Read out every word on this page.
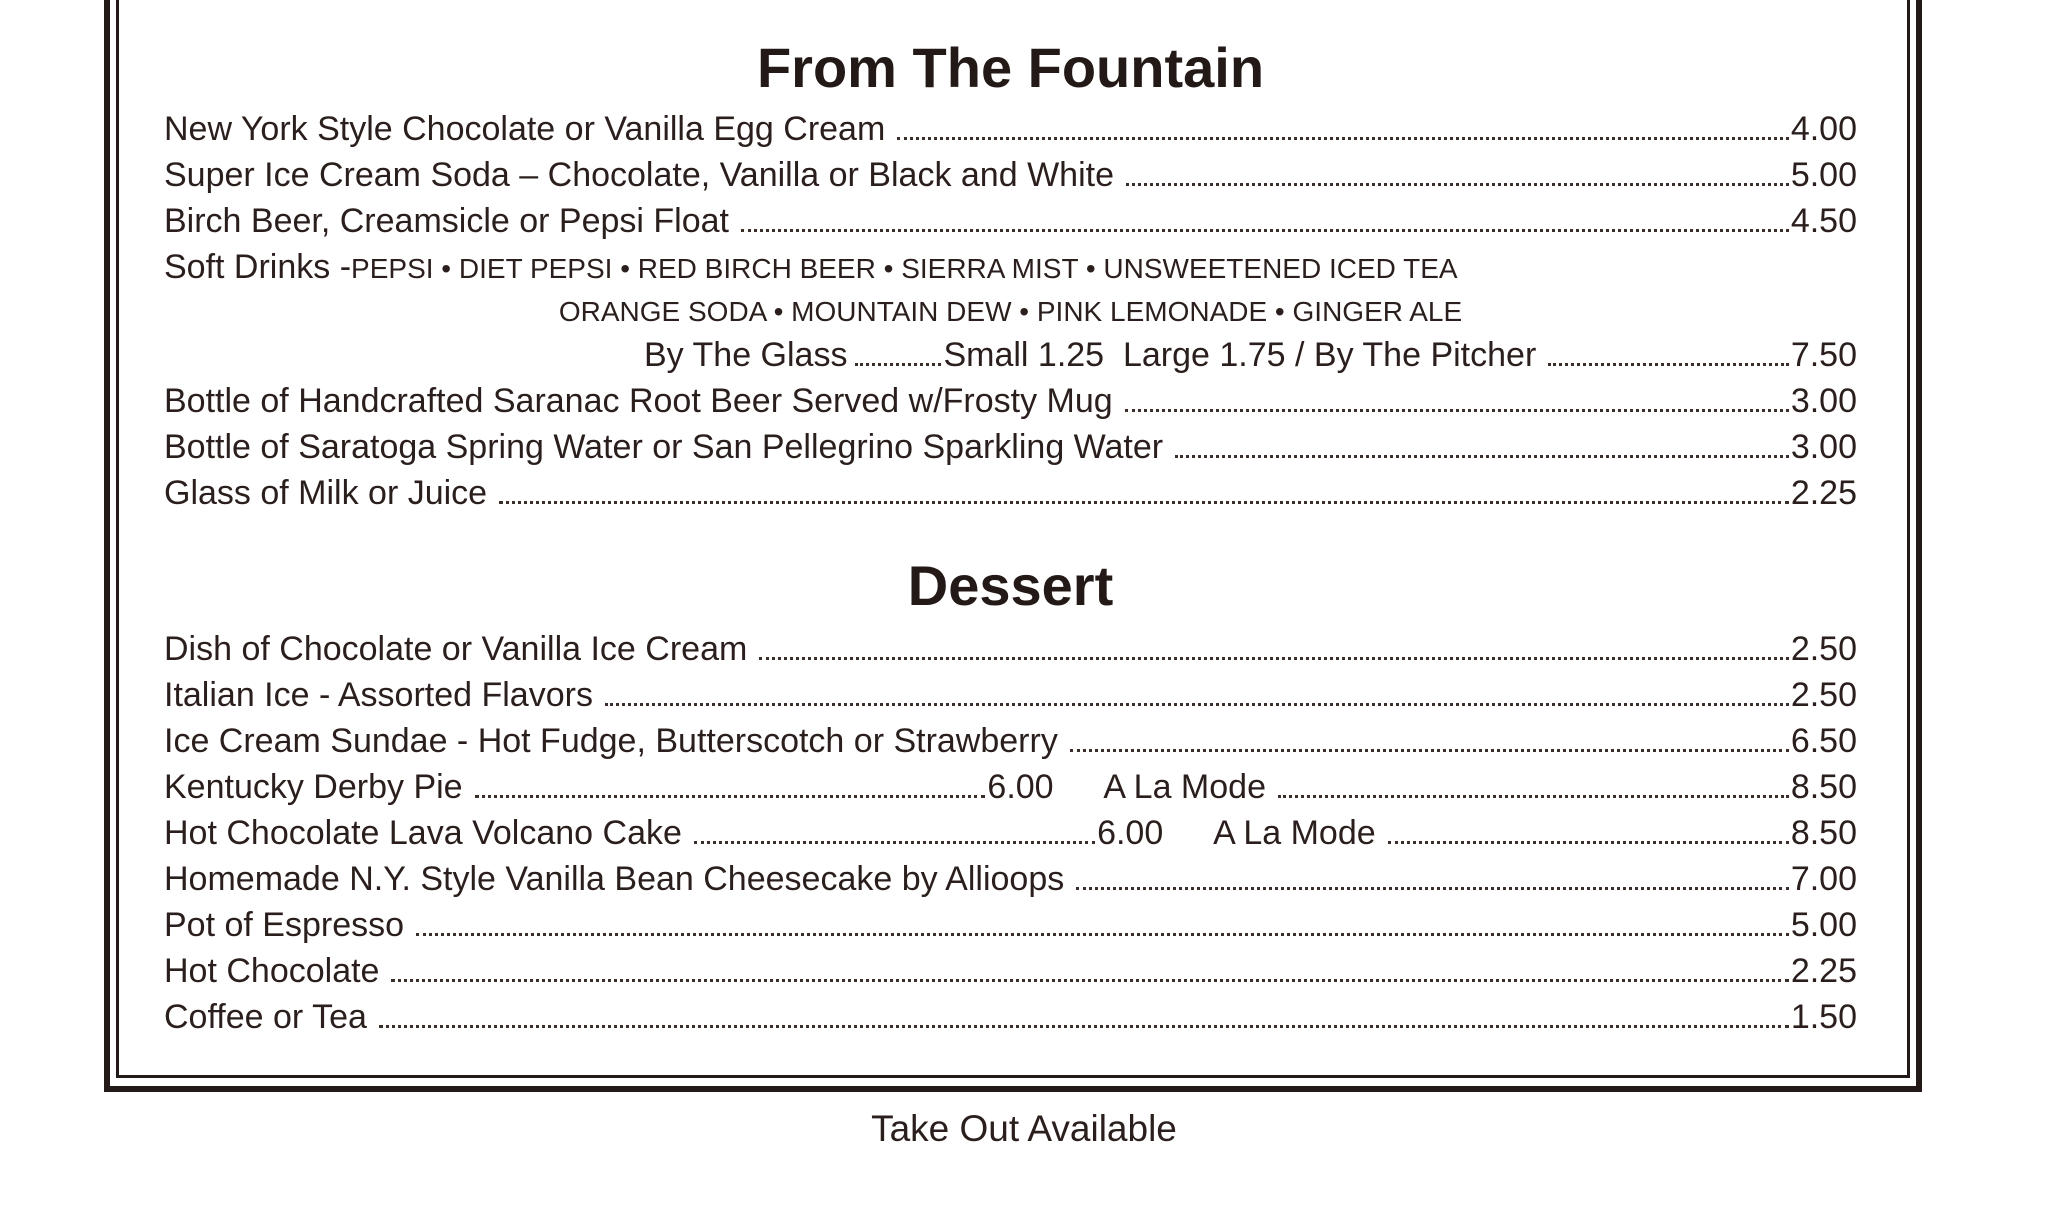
From The Fountain
New York Style Chocolate or Vanilla Egg Cream	4.00
Super Ice Cream Soda – Chocolate, Vanilla or Black and White	5.00
Birch Beer, Creamsicle or Pepsi Float	4.50
Soft Drinks - PEPSI • DIET PEPSI • RED BIRCH BEER • SIERRA MIST • UNSWEETENED ICED TEA
ORANGE SODA • MOUNTAIN DEW • PINK LEMONADE • GINGER ALE
By The Glass	Small 1.25  Large 1.75 / By The Pitcher	7.50
Bottle of Handcrafted Saranac Root Beer Served w/Frosty Mug	3.00
Bottle of Saratoga Spring Water or San Pellegrino Sparkling Water	3.00
Glass of Milk or Juice	2.25
Dessert
Dish of Chocolate or Vanilla Ice Cream	2.50
Italian Ice - Assorted Flavors	2.50
Ice Cream Sundae - Hot Fudge, Butterscotch or Strawberry	6.50
Kentucky Derby Pie	6.00	A La Mode	8.50
Hot Chocolate Lava Volcano Cake	6.00	A La Mode	8.50
Homemade N.Y. Style Vanilla Bean Cheesecake by Allioops	7.00
Pot of Espresso	5.00
Hot Chocolate	2.25
Coffee or Tea	1.50
Take Out Available
